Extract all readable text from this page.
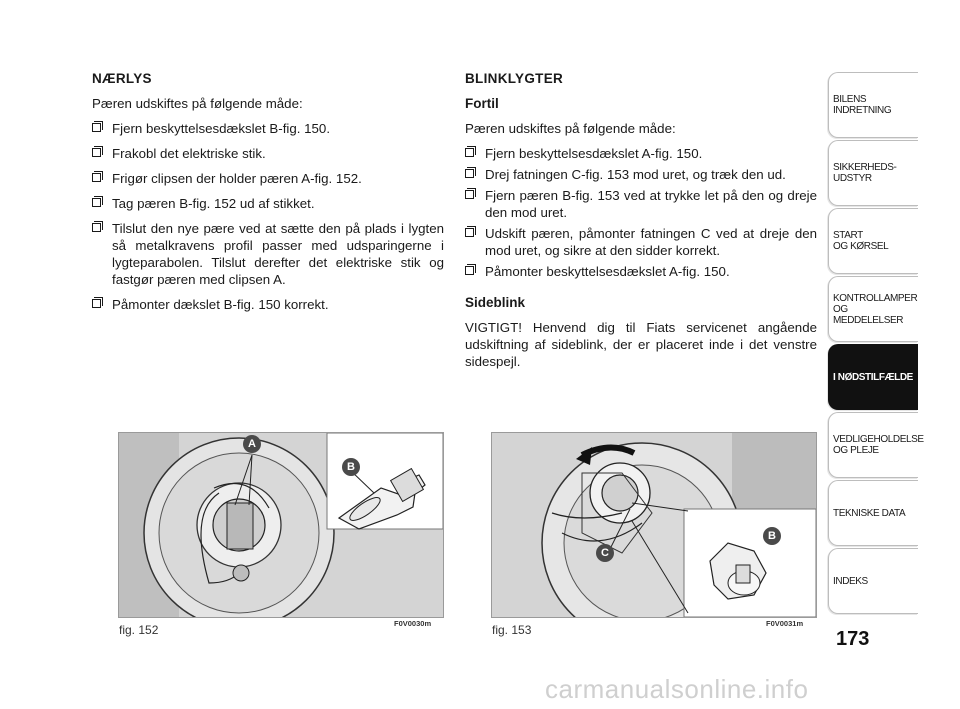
NÆRLYS

Pæren udskiftes på følgende måde:

Fjern beskyttelsesdækslet B-fig. 150.
Frakobl det elektriske stik.
Frigør clipsen der holder pæren A-fig. 152.
Tag pæren B-fig. 152 ud af stikket.
Tilslut den nye pære ved at sætte den på plads i lygten så metalkravens profil passer med udsparingerne i lygteparabolen. Tilslut derefter det elektriske stik og fastgør pæren med clipsen A.
Påmonter dækslet B-fig. 150 korrekt.
BLINKLYGTER
Fortil

Pæren udskiftes på følgende måde:

Fjern beskyttelsesdækslet A-fig. 150.
Drej fatningen C-fig. 153 mod uret, og træk den ud.
Fjern pæren B-fig. 153 ved at trykke let på den og dreje den mod uret.
Udskift pæren, påmonter fatningen C ved at dreje den mod uret, og sikre at den sidder korrekt.
Påmonter beskyttelsesdækslet A-fig. 150.
Sideblink

VIGTIGT! Henvend dig til Fiats servicenet angående udskiftning af sideblink, der er placeret inde i det venstre sidespejl.

BILENS
INDRETNING
SIKKERHEDS-
UDSTYR
START
OG KØRSEL
KONTROLLAMPER
OG MEDDELELSER
I NØDSTILFÆLDE
VEDLIGEHOLDELSE
OG PLEJE
TEKNISKE DATA
INDEKS
173
A
B
fig. 152	F0V0030m
C
B
fig. 153	F0V0031m
carmanualsonline.info
